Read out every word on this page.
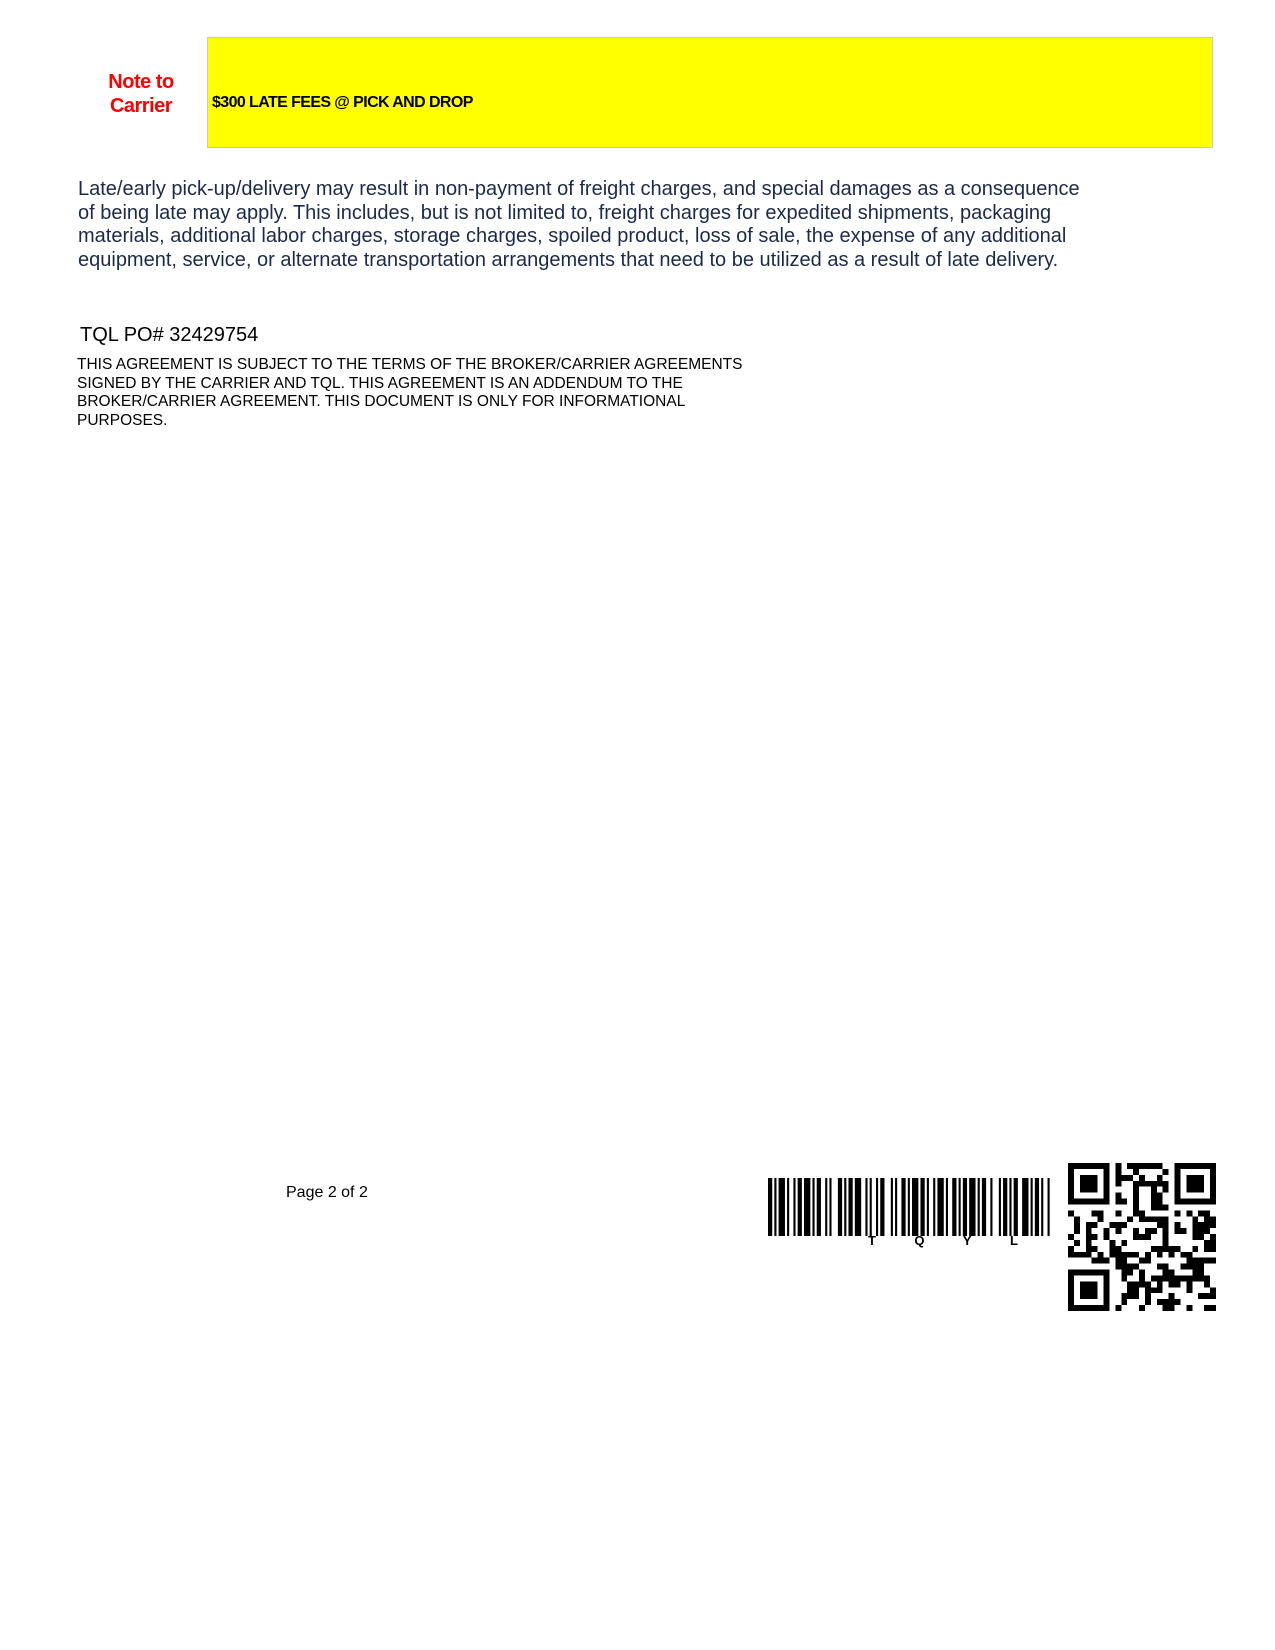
Note to Carrier	$300 LATE FEES @ PICK AND DROP
Late/early pick-up/delivery may result in non-payment of freight charges, and special damages as a consequence of being late may apply. This includes, but is not limited to, freight charges for expedited shipments, packaging materials, additional labor charges, storage charges, spoiled product, loss of sale, the expense of any additional equipment, service, or alternate transportation arrangements that need to be utilized as a result of late delivery.
TQL PO# 32429754
THIS AGREEMENT IS SUBJECT TO THE TERMS OF THE BROKER/CARRIER AGREEMENTS SIGNED BY THE CARRIER AND TQL. THIS AGREEMENT IS AN ADDENDUM TO THE BROKER/CARRIER AGREEMENT. THIS DOCUMENT IS ONLY FOR INFORMATIONAL PURPOSES.
Page 2 of 2
T	Q	Y	L
